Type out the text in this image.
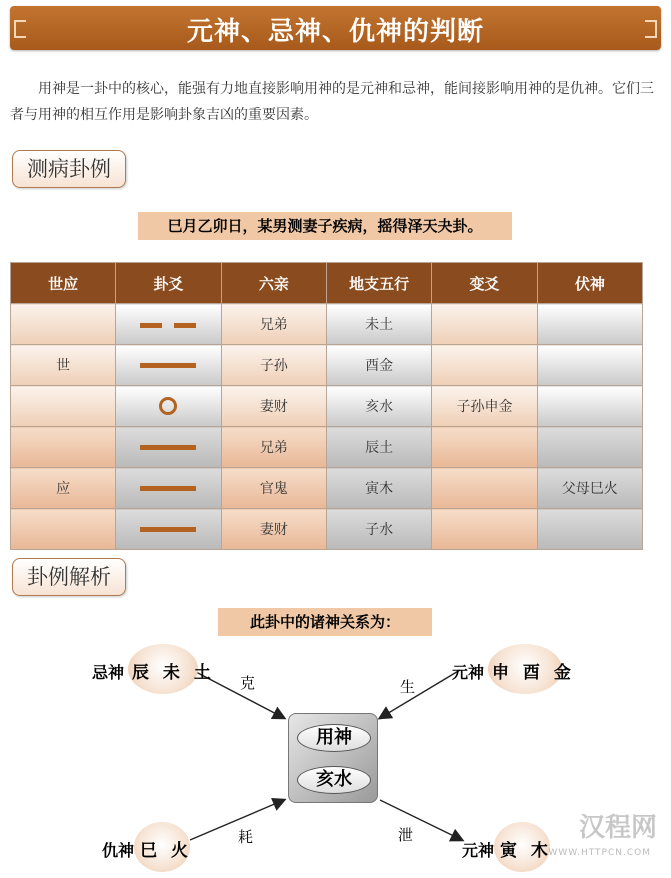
元神、忌神、仇神的判断
用神是一卦中的核心，能强有力地直接影响用神的是元神和忌神，能间接影响用神的是仇神。它们三者与用神的相互作用是影响卦象吉凶的重要因素。
测病卦例
巳月乙卯日，某男测妻子疾病，摇得泽天夬卦。
世应	卦爻	六亲	地支五行	变爻	伏神
		兄弟	未土		
世		子孙	酉金		
		妻财	亥水	子孙申金	
		兄弟	辰土		
应		官鬼	寅木		父母巳火
		妻财	子水		
卦例解析
此卦中的诸神关系为：
忌神 辰 未 土 克
元神 申 酉 金
生
用神
亥水
仇神 巳 火
耗
元神 寅 木
泄	汉程网
WWW.HTTPCN.COM
